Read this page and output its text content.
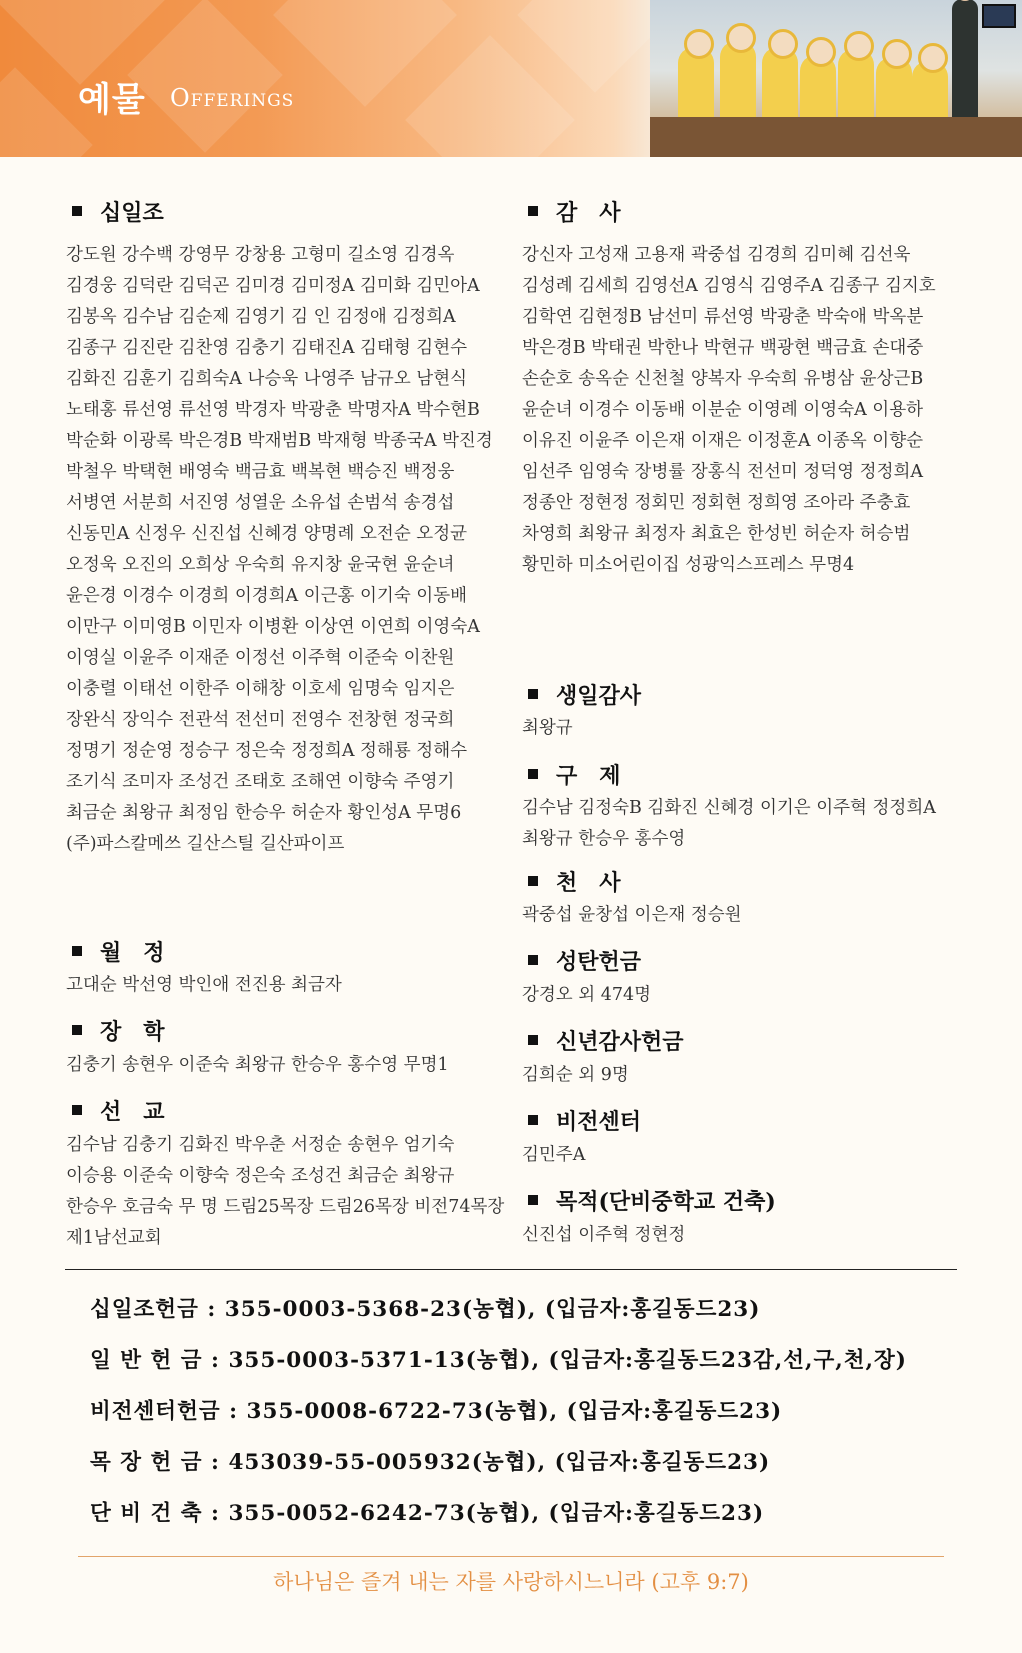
예물 Offerings
십일조
강도원 강수백 강영무 강창용 고형미 길소영 김경옥
김경웅 김덕란 김덕곤 김미경 김미정A 김미화 김민아A
김봉옥 김수남 김순제 김영기 김 인 김정애 김정희A
김종구 김진란 김찬영 김충기 김태진A 김태형 김현수
김화진 김훈기 김희숙A 나승욱 나영주 남규오 남현식
노태홍 류선영 류선영 박경자 박광춘 박명자A 박수현B
박순화 이광록 박은경B 박재범B 박재형 박종국A 박진경
박철우 박택현 배영숙 백금효 백복현 백승진 백정웅
서병연 서분희 서진영 성열운 소유섭 손범석 송경섭
신동민A 신정우 신진섭 신혜경 양명례 오전순 오정균
오정욱 오진의 오희상 우숙희 유지창 윤국현 윤순녀
윤은경 이경수 이경희 이경희A 이근홍 이기숙 이동배
이만구 이미영B 이민자 이병환 이상연 이연희 이영숙A
이영실 이윤주 이재준 이정선 이주혁 이준숙 이찬원
이충렬 이태선 이한주 이해창 이호세 임명숙 임지은
장완식 장익수 전관석 전선미 전영수 전창현 정국희
정명기 정순영 정승구 정은숙 정정희A 정해룡 정해수
조기식 조미자 조성건 조태호 조해연 이향숙 주영기
최금순 최왕규 최정임 한승우 허순자 황인성A 무명6
(주)파스칼메쓰 길산스틸 길산파이프
월　정
고대순 박선영 박인애 전진용 최금자
장　학
김충기 송현우 이준숙 최왕규 한승우 홍수영 무명1
선　교
김수남 김충기 김화진 박우춘 서정순 송현우 엄기숙
이승용 이준숙 이향숙 정은숙 조성건 최금순 최왕규
한승우 호금숙 무 명 드림25목장 드림26목장 비전74목장
제1남선교회
감　사
강신자 고성재 고용재 곽중섭 김경희 김미혜 김선욱
김성례 김세희 김영선A 김영식 김영주A 김종구 김지호
김학연 김현정B 남선미 류선영 박광춘 박숙애 박옥분
박은경B 박태권 박한나 박현규 백광현 백금효 손대중
손순호 송옥순 신천철 양복자 우숙희 유병삼 윤상근B
윤순녀 이경수 이동배 이분순 이영례 이영숙A 이용하
이유진 이윤주 이은재 이재은 이정훈A 이종옥 이향순
임선주 임영숙 장병률 장홍식 전선미 정덕영 정정희A
정종안 정현정 정회민 정회현 정희영 조아라 주충효
차영희 최왕규 최정자 최효은 한성빈 허순자 허승범
황민하 미소어린이집 성광익스프레스 무명4
생일감사
최왕규
구　제
김수남 김정숙B 김화진 신혜경 이기은 이주혁 정정희A
최왕규 한승우 홍수영
천　사
곽중섭 윤창섭 이은재 정승원
성탄헌금
강경오 외 474명
신년감사헌금
김희순 외 9명
비전센터
김민주A
목적(단비중학교 건축)
신진섭 이주혁 정현정
십일조헌금 : 355-0003-5368-23(농협), (입금자:홍길동드23)
일 반 헌 금 : 355-0003-5371-13(농협), (입금자:홍길동드23감,선,구,천,장)
비전센터헌금 : 355-0008-6722-73(농협), (입금자:홍길동드23)
목 장 헌 금 : 453039-55-005932(농협), (입금자:홍길동드23)
단 비 건 축 : 355-0052-6242-73(농협), (입금자:홍길동드23)
하나님은 즐겨 내는 자를 사랑하시느니라 (고후 9:7)
